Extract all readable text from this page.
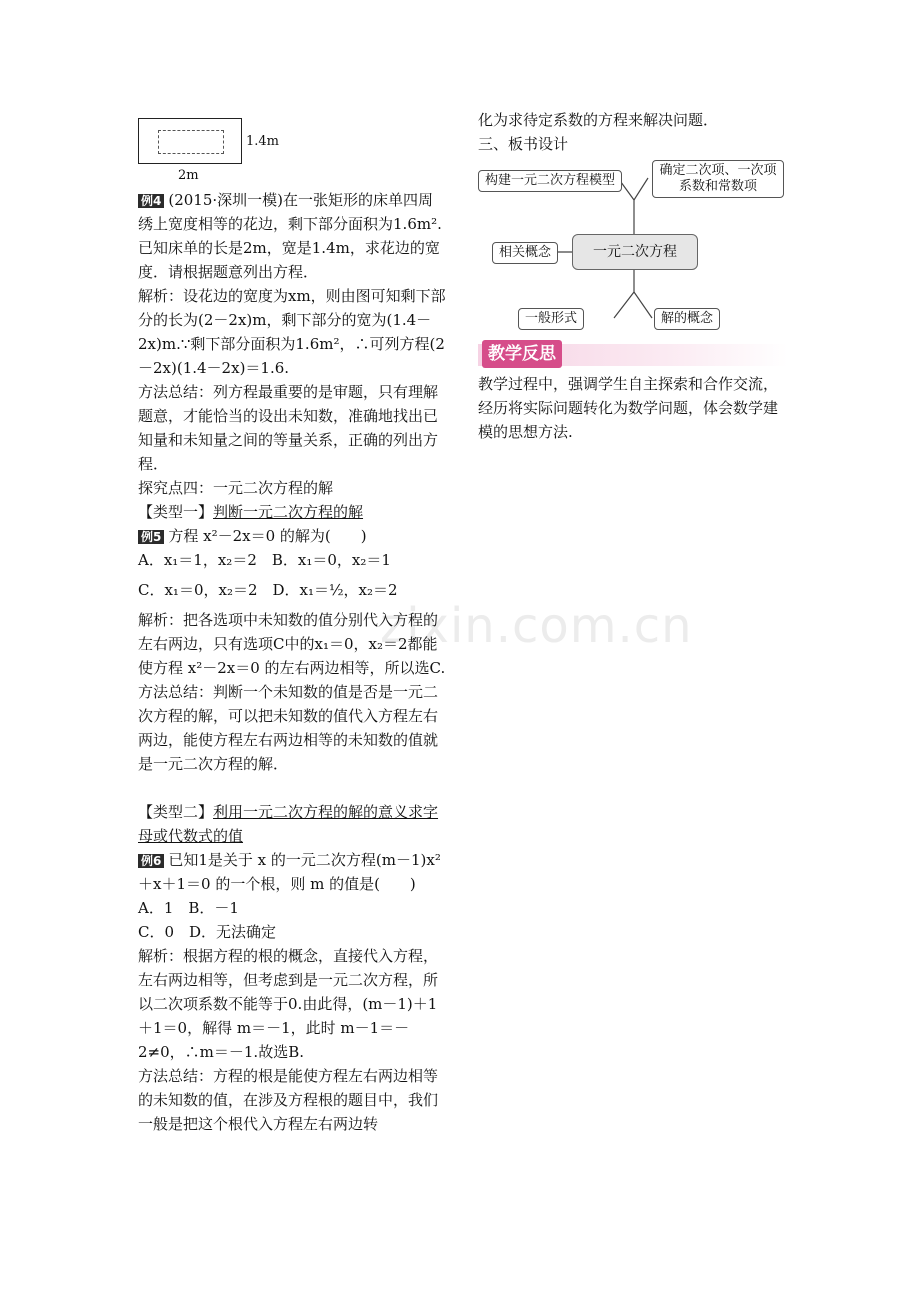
zixin.com.cn
1.4m
2m

例4 (2015·深圳一模)在一张矩形的床单四周绣上宽度相等的花边，剩下部分面积为1.6m².已知床单的长是2m，宽是1.4m，求花边的宽度．请根据题意列出方程．

解析：设花边的宽度为xm，则由图可知剩下部分的长为(2－2x)m，剩下部分的宽为(1.4－2x)m.∵剩下部分面积为1.6m²，∴可列方程(2－2x)(1.4－2x)＝1.6.

方法总结：列方程最重要的是审题，只有理解题意，才能恰当的设出未知数，准确地找出已知量和未知量之间的等量关系，正确的列出方程．

探究点四：一元二次方程的解

【类型一】判断一元二次方程的解

例5 方程 x²－2x＝0 的解为(　　)

A．x₁＝1，x₂＝2　B．x₁＝0，x₂＝1

C．x₁＝0，x₂＝2　D．x₁＝½，x₂＝2

解析：把各选项中未知数的值分别代入方程的左右两边，只有选项C中的x₁＝0，x₂＝2都能使方程 x²－2x＝0 的左右两边相等，所以选C.

方法总结：判断一个未知数的值是否是一元二次方程的解，可以把未知数的值代入方程左右两边，能使方程左右两边相等的未知数的值就是一元二次方程的解．

【类型二】利用一元二次方程的解的意义求字母或代数式的值

例6 已知1是关于 x 的一元二次方程(m－1)x²＋x＋1＝0 的一个根，则 m 的值是(　　)

A．1　B．－1

C．0　D．无法确定

解析：根据方程的根的概念，直接代入方程，左右两边相等，但考虑到是一元二次方程，所以二次项系数不能等于0.由此得，(m－1)＋1＋1＝0，解得 m＝－1，此时 m－1＝－2≠0，∴m＝－1.故选B.

方法总结：方程的根是能使方程左右两边相等的未知数的值，在涉及方程根的题目中，我们一般是把这个根代入方程左右两边转

化为求待定系数的方程来解决问题．

三、板书设计

构建一元二次方程模型
确定二次项、一次项系数和常数项
相关概念	一元二次方程
一般形式	解的概念
教学反思

教学过程中，强调学生自主探索和合作交流，经历将实际问题转化为数学问题，体会数学建模的思想方法.
